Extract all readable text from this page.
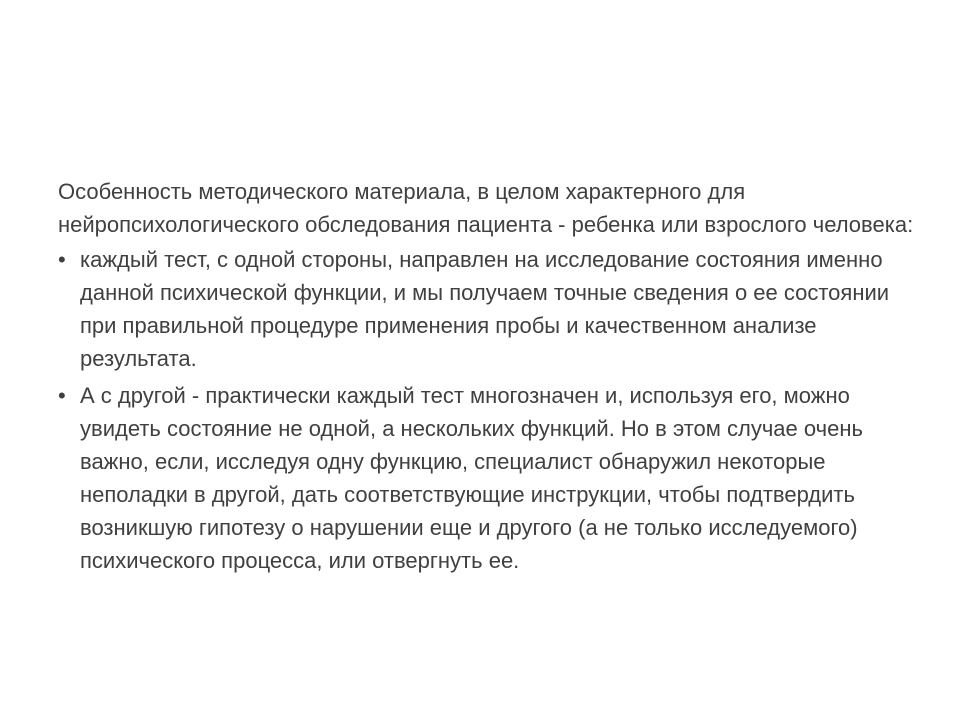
Особенность методического материала, в целом характерного для нейропсихологического обследования пациента - ребенка или взрослого человека:

• каждый тест, с одной стороны, направлен на исследование состояния именно данной психической функции, и мы получаем точные сведения о ее состоянии при правильной процедуре применения пробы и качественном анализе результата.
• А с другой - практически каждый тест многозначен и, используя его, можно увидеть состояние не одной, а нескольких функций. Но в этом случае очень важно, если, исследуя одну функцию, специалист обнаружил некоторые неполадки в другой, дать соответствующие инструкции, чтобы подтвердить возникшую гипотезу о нарушении еще и другого (а не только исследуемого) психического процесса, или отвергнуть ее.
